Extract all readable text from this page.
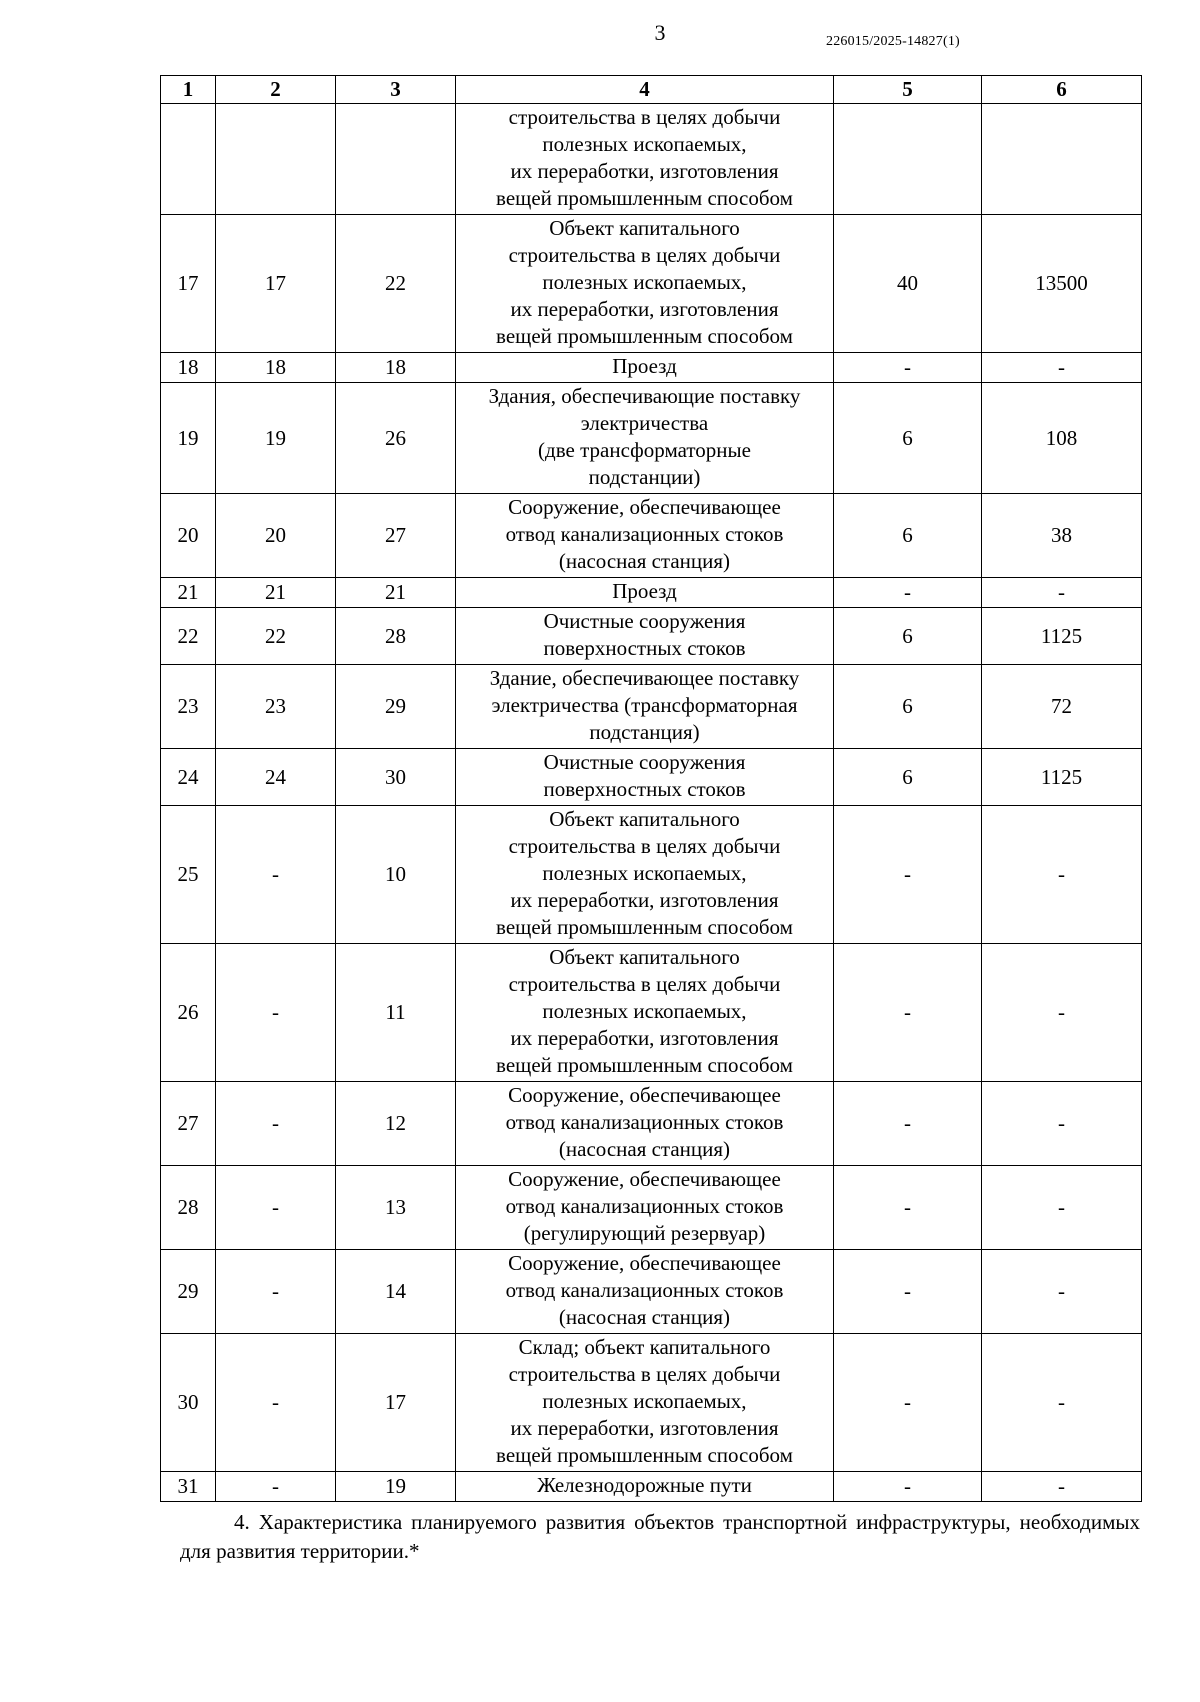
3	226015/2025-14827(1)
1	2	3	4	5	6
			строительства в целях добычи
полезных ископаемых,
их переработки, изготовления
вещей промышленным способом		
17	17	22	Объект капитального
строительства в целях добычи
полезных ископаемых,
их переработки, изготовления
вещей промышленным способом	40	13500
18	18	18	Проезд	-	-
19	19	26	Здания, обеспечивающие поставку
электричества
(две трансформаторные
подстанции)	6	108
20	20	27	Сооружение, обеспечивающее
отвод канализационных стоков
(насосная станция)	6	38
21	21	21	Проезд	-	-
22	22	28	Очистные сооружения
поверхностных стоков	6	1125
23	23	29	Здание, обеспечивающее поставку
электричества (трансформаторная
подстанция)	6	72
24	24	30	Очистные сооружения
поверхностных стоков	6	1125
25	-	10	Объект капитального
строительства в целях добычи
полезных ископаемых,
их переработки, изготовления
вещей промышленным способом	-	-
26	-	11	Объект капитального
строительства в целях добычи
полезных ископаемых,
их переработки, изготовления
вещей промышленным способом	-	-
27	-	12	Сооружение, обеспечивающее
отвод канализационных стоков
(насосная станция)	-	-
28	-	13	Сооружение, обеспечивающее
отвод канализационных стоков
(регулирующий резервуар)	-	-
29	-	14	Сооружение, обеспечивающее
отвод канализационных стоков
(насосная станция)	-	-
30	-	17	Склад; объект капитального
строительства в целях добычи
полезных ископаемых,
их переработки, изготовления
вещей промышленным способом	-	-
31	-	19	Железнодорожные пути	-	-
4. Характеристика планируемого развития объектов транспортной инфраструктуры, необходимых для развития территории.*
